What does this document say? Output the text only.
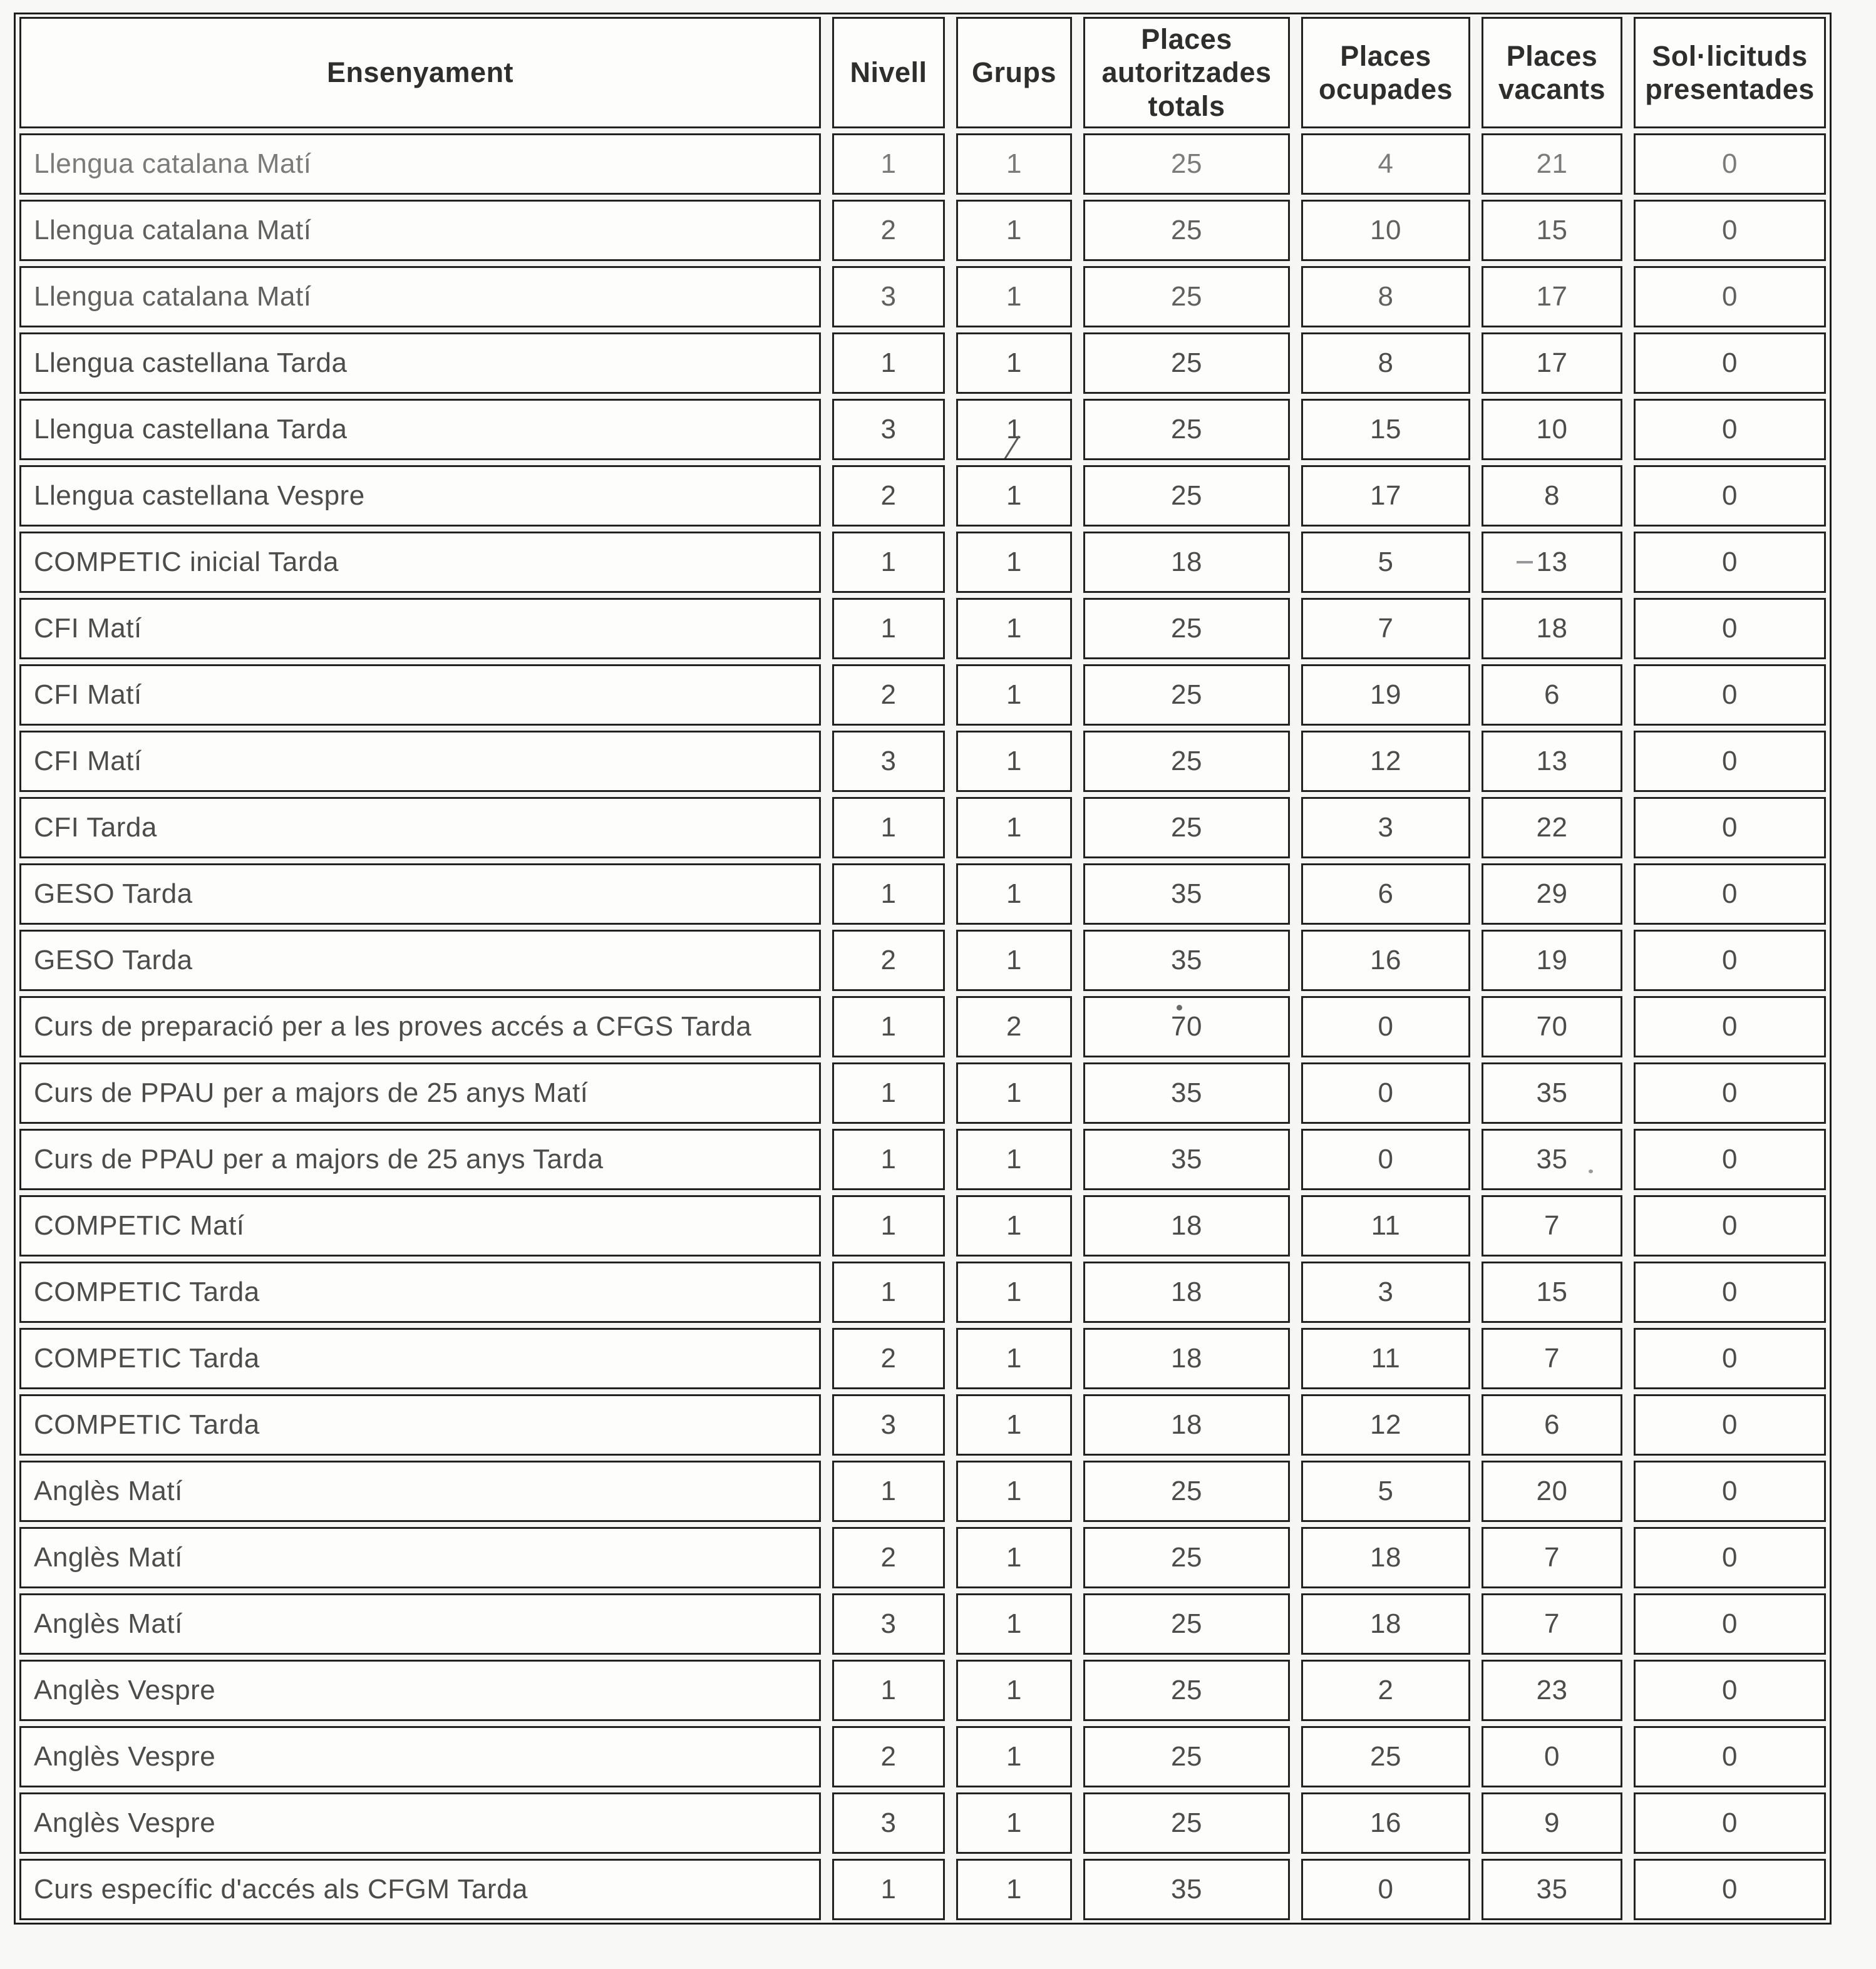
Ensenyament	Nivell	Grups	Places autoritzades totals	Places ocupades	Places vacants	Sol·licituds presentades
Llengua catalana Matí	1	1	25	4	21	0
Llengua catalana Matí	2	1	25	10	15	0
Llengua catalana Matí	3	1	25	8	17	0
Llengua castellana Tarda	1	1	25	8	17	0
Llengua castellana Tarda	3	1	25	15	10	0
Llengua castellana Vespre	2	1	25	17	8	0
COMPETIC inicial Tarda	1	1	18	5	13	0
CFI Matí	1	1	25	7	18	0
CFI Matí	2	1	25	19	6	0
CFI Matí	3	1	25	12	13	0
CFI Tarda	1	1	25	3	22	0
GESO Tarda	1	1	35	6	29	0
GESO Tarda	2	1	35	16	19	0
Curs de preparació per a les proves accés a CFGS Tarda	1	2	70	0	70	0
Curs de PPAU per a majors de 25 anys Matí	1	1	35	0	35	0
Curs de PPAU per a majors de 25 anys Tarda	1	1	35	0	35	0
COMPETIC Matí	1	1	18	11	7	0
COMPETIC Tarda	1	1	18	3	15	0
COMPETIC Tarda	2	1	18	11	7	0
COMPETIC Tarda	3	1	18	12	6	0
Anglès Matí	1	1	25	5	20	0
Anglès Matí	2	1	25	18	7	0
Anglès Matí	3	1	25	18	7	0
Anglès Vespre	1	1	25	2	23	0
Anglès Vespre	2	1	25	25	0	0
Anglès Vespre	3	1	25	16	9	0
Curs específic d'accés als CFGM Tarda	1	1	35	0	35	0
